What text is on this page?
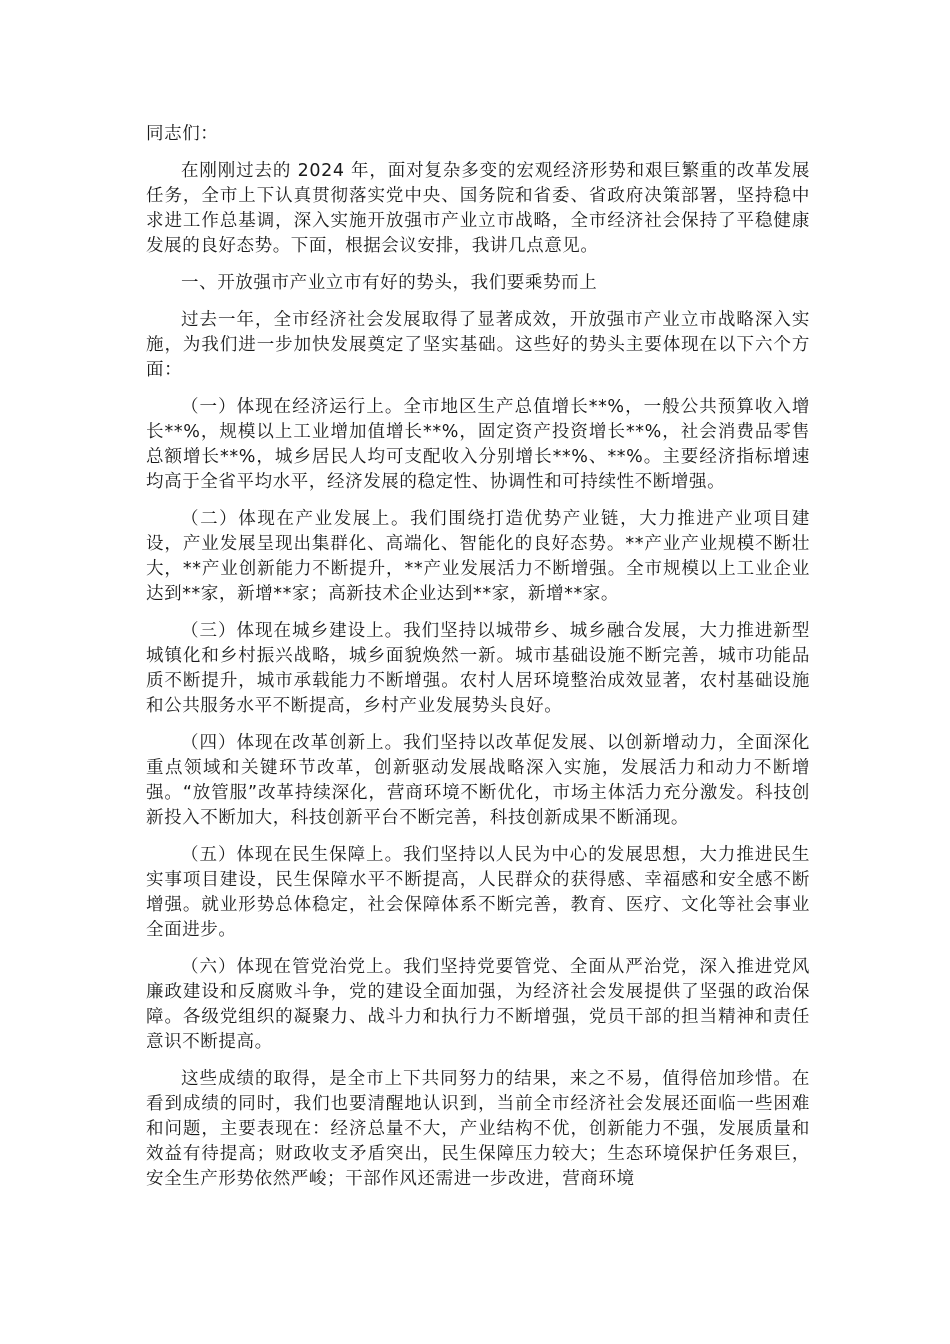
同志们：

在刚刚过去的 2024 年，面对复杂多变的宏观经济形势和艰巨繁重的改革发展任务，全市上下认真贯彻落实党中央、国务院和省委、省政府决策部署，坚持稳中求进工作总基调，深入实施开放强市产业立市战略，全市经济社会保持了平稳健康发展的良好态势。下面，根据会议安排，我讲几点意见。

一、开放强市产业立市有好的势头，我们要乘势而上

过去一年，全市经济社会发展取得了显著成效，开放强市产业立市战略深入实施，为我们进一步加快发展奠定了坚实基础。这些好的势头主要体现在以下六个方面：

（一）体现在经济运行上。全市地区生产总值增长**%，一般公共预算收入增长**%，规模以上工业增加值增长**%，固定资产投资增长**%，社会消费品零售总额增长**%，城乡居民人均可支配收入分别增长**%、**%。主要经济指标增速均高于全省平均水平，经济发展的稳定性、协调性和可持续性不断增强。

（二）体现在产业发展上。我们围绕打造优势产业链，大力推进产业项目建设，产业发展呈现出集群化、高端化、智能化的良好态势。**产业产业规模不断壮大，**产业创新能力不断提升，**产业发展活力不断增强。全市规模以上工业企业达到**家，新增**家；高新技术企业达到**家，新增**家。

（三）体现在城乡建设上。我们坚持以城带乡、城乡融合发展，大力推进新型城镇化和乡村振兴战略，城乡面貌焕然一新。城市基础设施不断完善，城市功能品质不断提升，城市承载能力不断增强。农村人居环境整治成效显著，农村基础设施和公共服务水平不断提高，乡村产业发展势头良好。

（四）体现在改革创新上。我们坚持以改革促发展、以创新增动力，全面深化重点领域和关键环节改革，创新驱动发展战略深入实施，发展活力和动力不断增强。“放管服”改革持续深化，营商环境不断优化，市场主体活力充分激发。科技创新投入不断加大，科技创新平台不断完善，科技创新成果不断涌现。

（五）体现在民生保障上。我们坚持以人民为中心的发展思想，大力推进民生实事项目建设，民生保障水平不断提高，人民群众的获得感、幸福感和安全感不断增强。就业形势总体稳定，社会保障体系不断完善，教育、医疗、文化等社会事业全面进步。

（六）体现在管党治党上。我们坚持党要管党、全面从严治党，深入推进党风廉政建设和反腐败斗争，党的建设全面加强，为经济社会发展提供了坚强的政治保障。各级党组织的凝聚力、战斗力和执行力不断增强，党员干部的担当精神和责任意识不断提高。

这些成绩的取得，是全市上下共同努力的结果，来之不易，值得倍加珍惜。在看到成绩的同时，我们也要清醒地认识到，当前全市经济社会发展还面临一些困难和问题，主要表现在：经济总量不大，产业结构不优，创新能力不强，发展质量和效益有待提高；财政收支矛盾突出，民生保障压力较大；生态环境保护任务艰巨，安全生产形势依然严峻；干部作风还需进一步改进，营商环境
